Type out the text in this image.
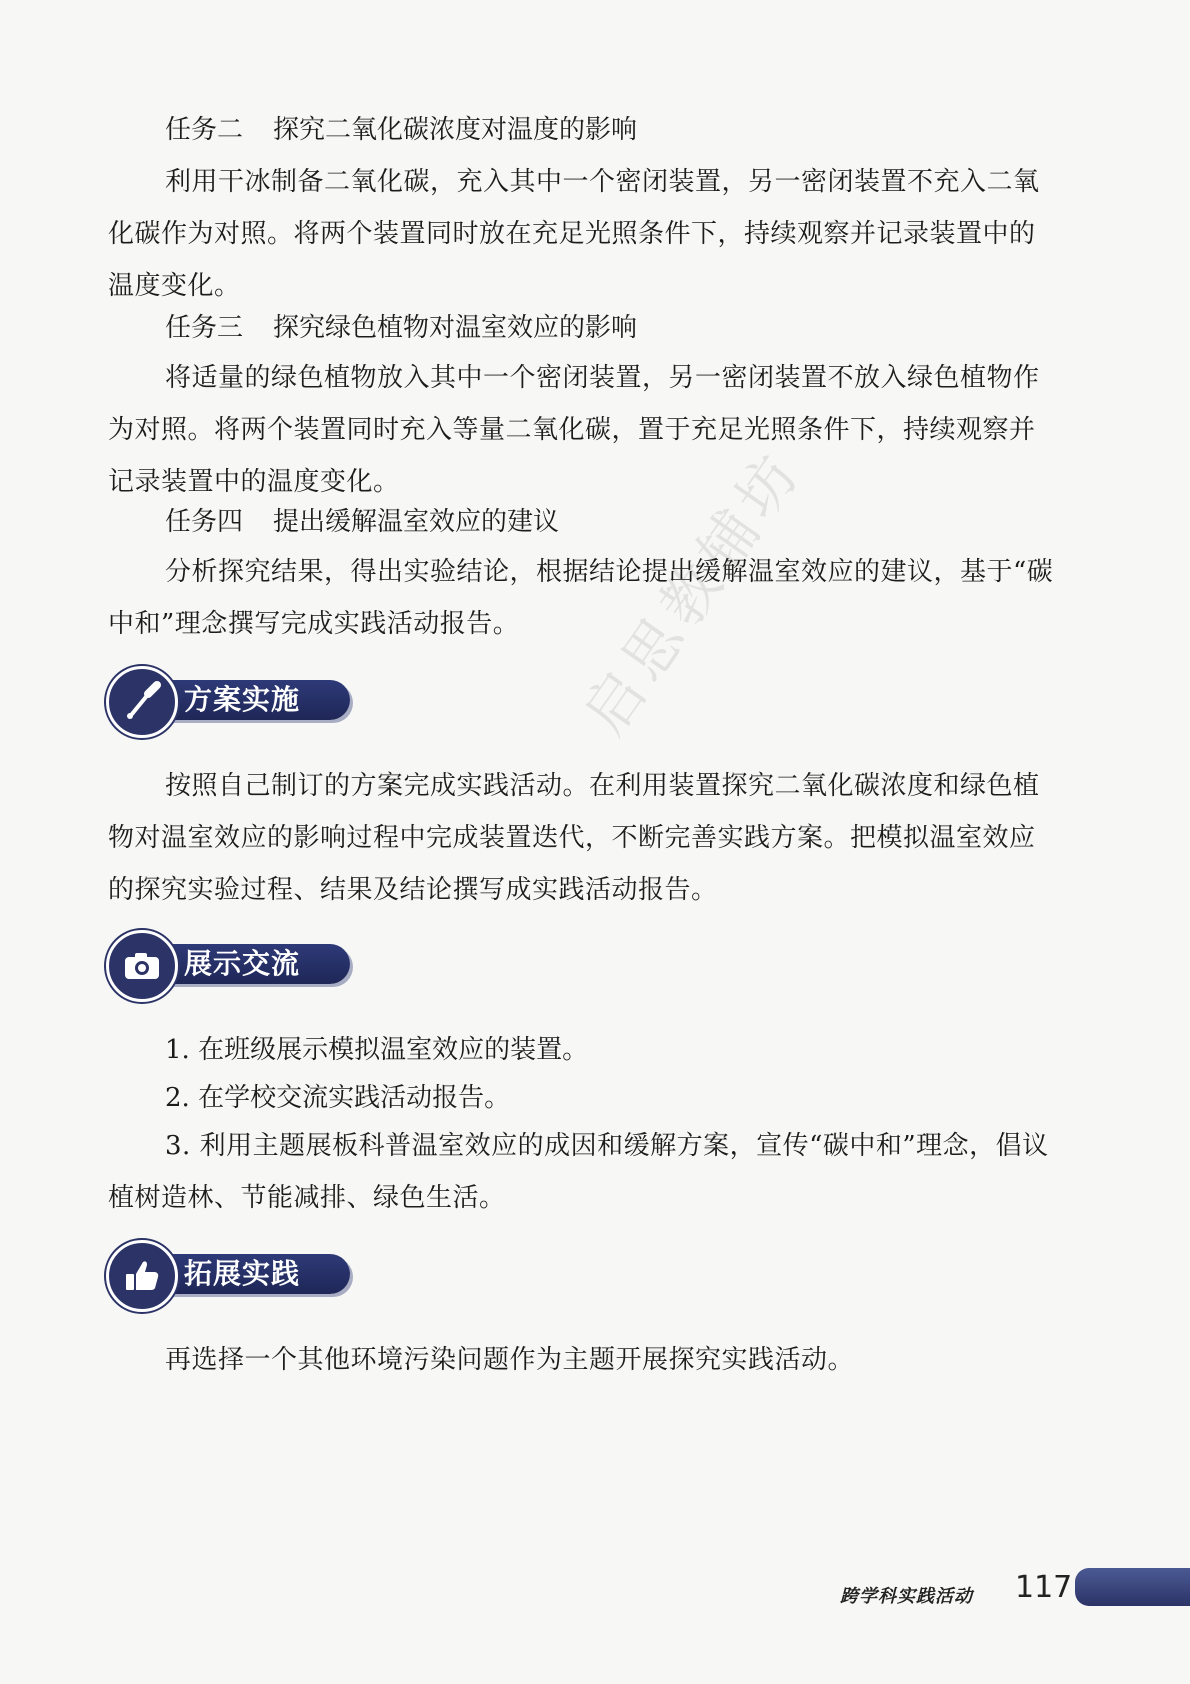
启思教辅坊

任务二 探究二氧化碳浓度对温度的影响

利用干冰制备二氧化碳，充入其中一个密闭装置，另一密闭装置不充入二氧化碳作为对照。将两个装置同时放在充足光照条件下，持续观察并记录装置中的温度变化。

任务三 探究绿色植物对温室效应的影响

将适量的绿色植物放入其中一个密闭装置，另一密闭装置不放入绿色植物作为对照。将两个装置同时充入等量二氧化碳，置于充足光照条件下，持续观察并记录装置中的温度变化。

任务四 提出缓解温室效应的建议

分析探究结果，得出实验结论，根据结论提出缓解温室效应的建议，基于“碳中和”理念撰写完成实践活动报告。

方案实施

按照自己制订的方案完成实践活动。在利用装置探究二氧化碳浓度和绿色植物对温室效应的影响过程中完成装置迭代，不断完善实践方案。把模拟温室效应的探究实验过程、结果及结论撰写成实践活动报告。

展示交流

1. 在班级展示模拟温室效应的装置。

2. 在学校交流实践活动报告。

3. 利用主题展板科普温室效应的成因和缓解方案，宣传“碳中和”理念，倡议植树造林、节能减排、绿色生活。

拓展实践

再选择一个其他环境污染问题作为主题开展探究实践活动。

跨学科实践活动 117
